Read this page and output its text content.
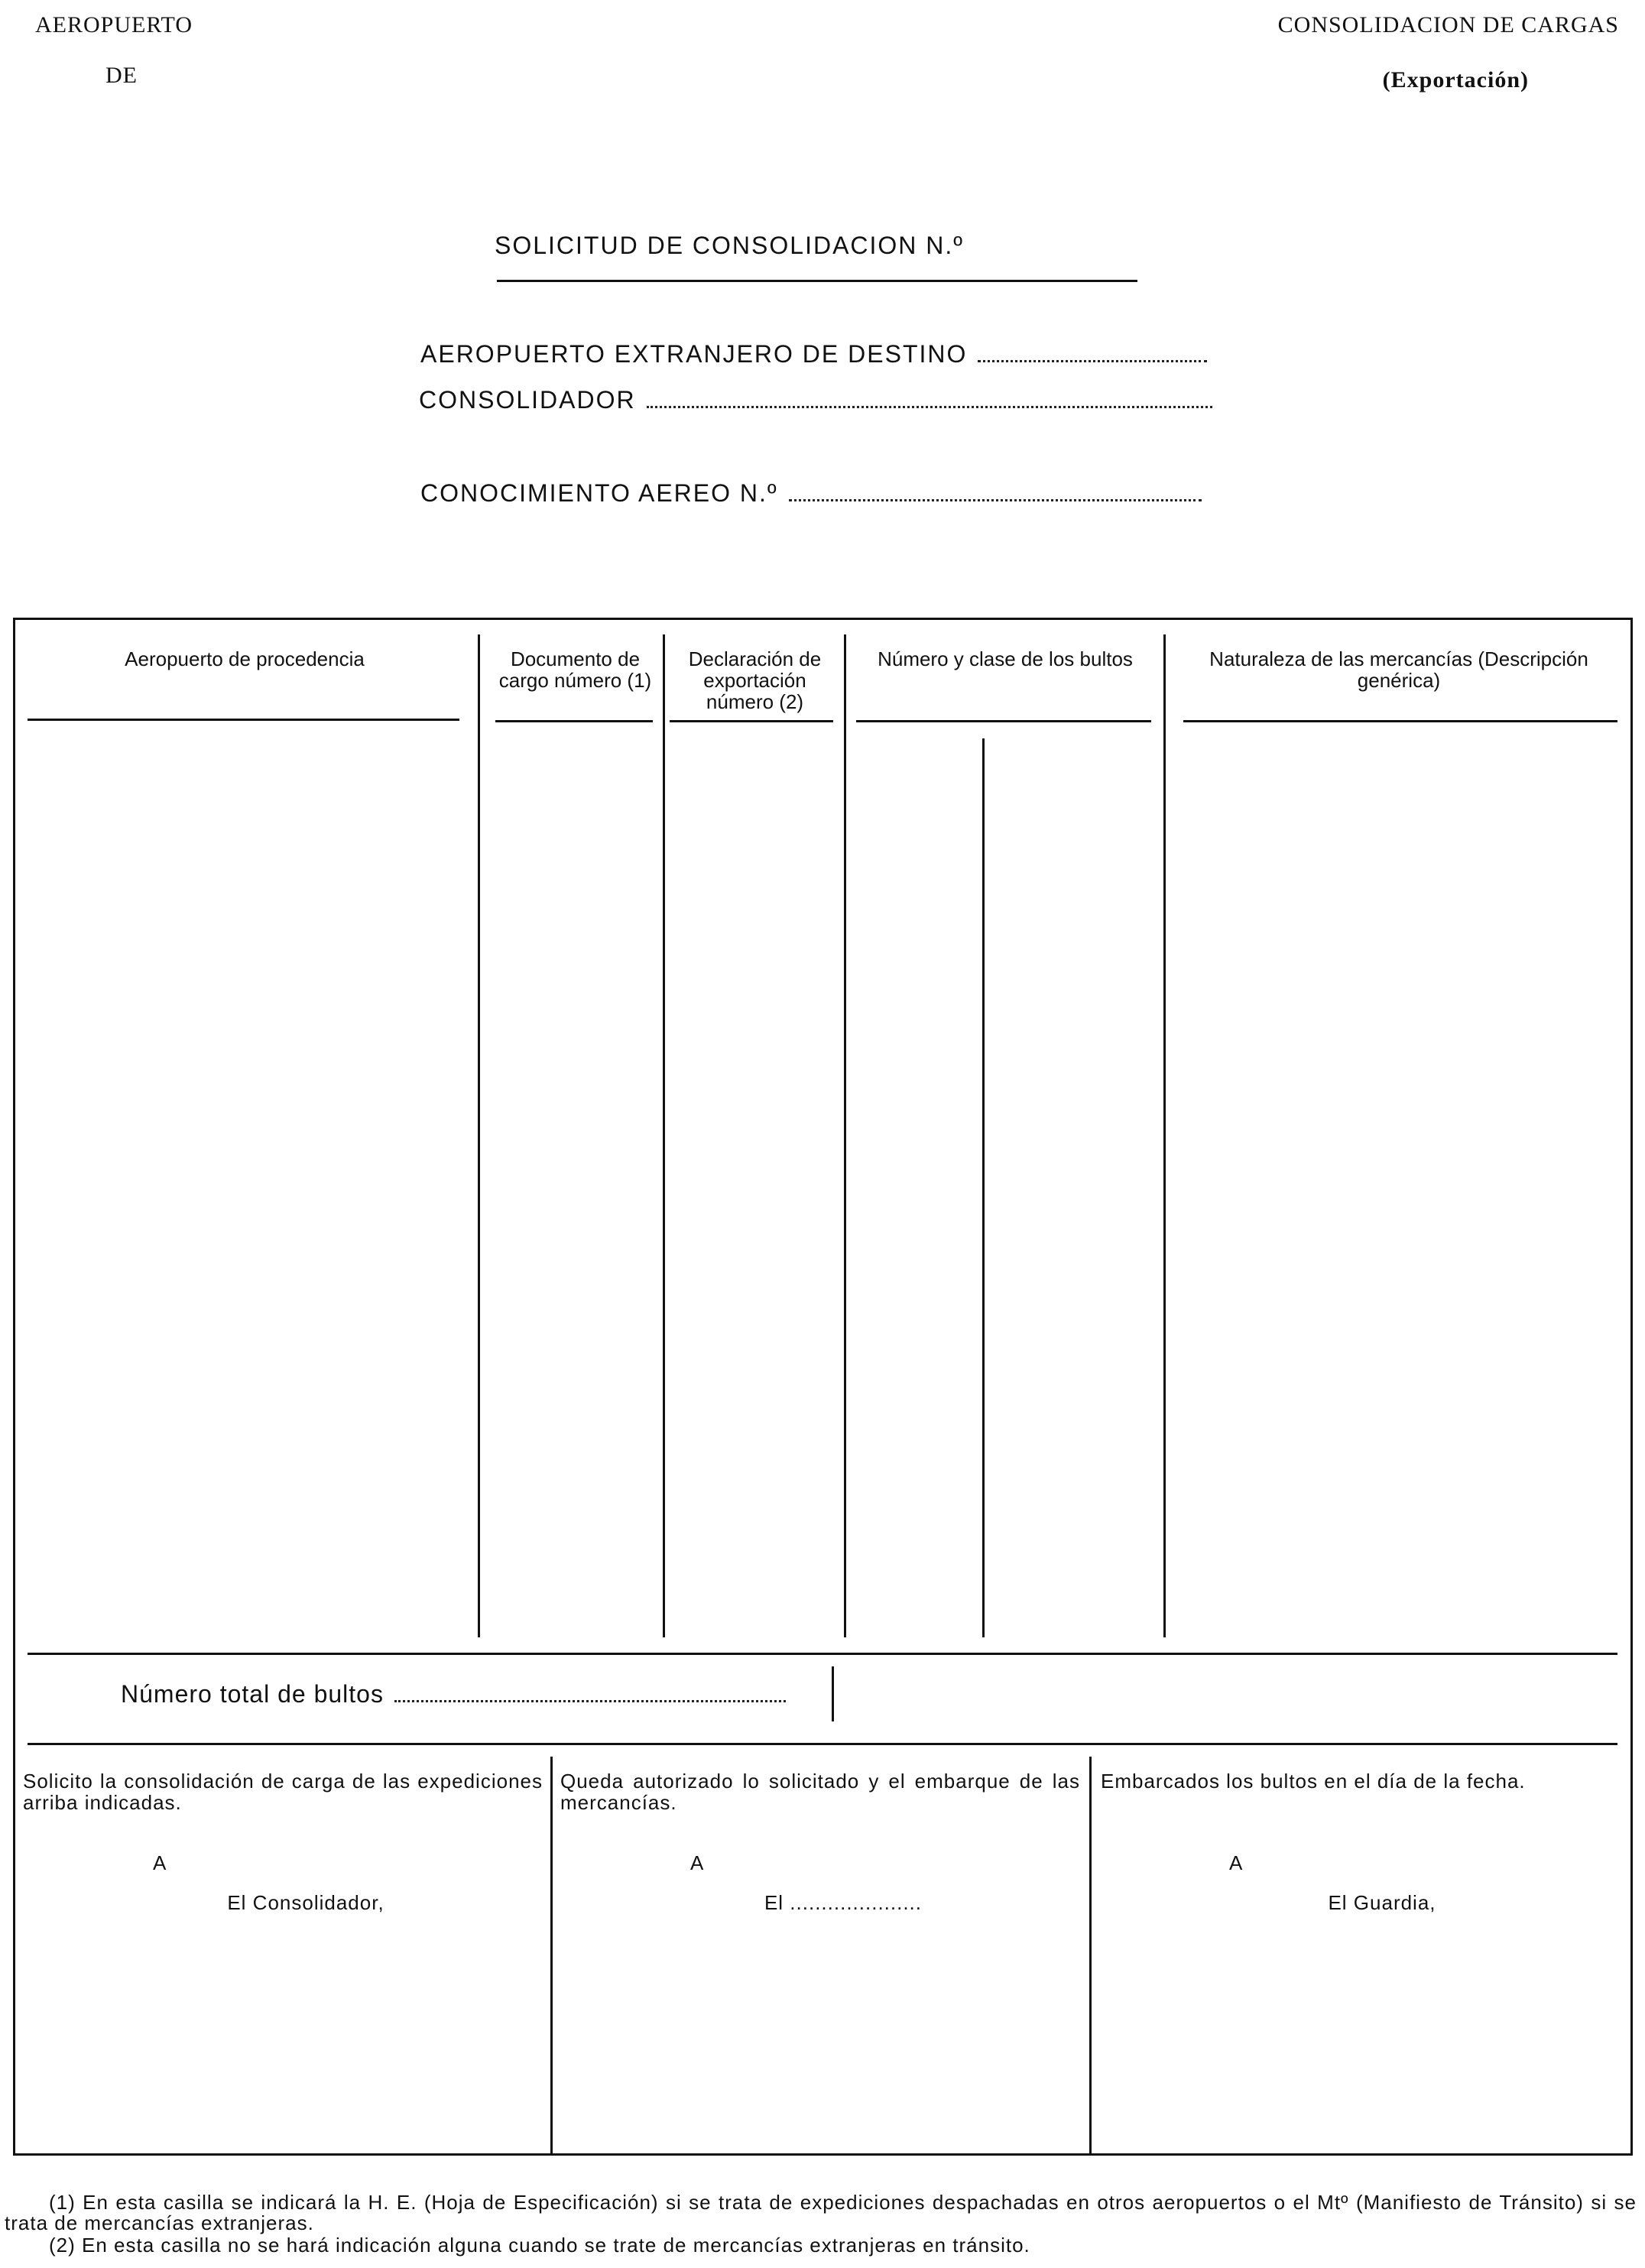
AEROPUERTO
DE
CONSOLIDACION DE CARGAS
(Exportación)
SOLICITUD DE CONSOLIDACION N.º
AEROPUERTO EXTRANJERO DE DESTINO
CONSOLIDADOR
CONOCIMIENTO AEREO N.º
Aeropuerto de procedencia	Documento de cargo número (1)
Declaración de exportación número (2)
Número y clase de los bultos	Naturaleza de las mercancías (Descripción genérica)
Número total de bultos
Solicito la consolidación de carga de las expediciones arriba indicadas.
A
El Consolidador,
Queda autorizado lo solicitado y el embarque de las mercancías.
A
El .....................
Embarcados los bultos en el día de la fecha.
A
El Guardia,
(1) En esta casilla se indicará la H. E. (Hoja de Especificación) si se trata de expediciones despachadas en otros aeropuertos o el Mtº (Manifiesto de Tránsito) si se trata de mercancías extranjeras.
(2) En esta casilla no se hará indicación alguna cuando se trate de mercancías extranjeras en tránsito.
